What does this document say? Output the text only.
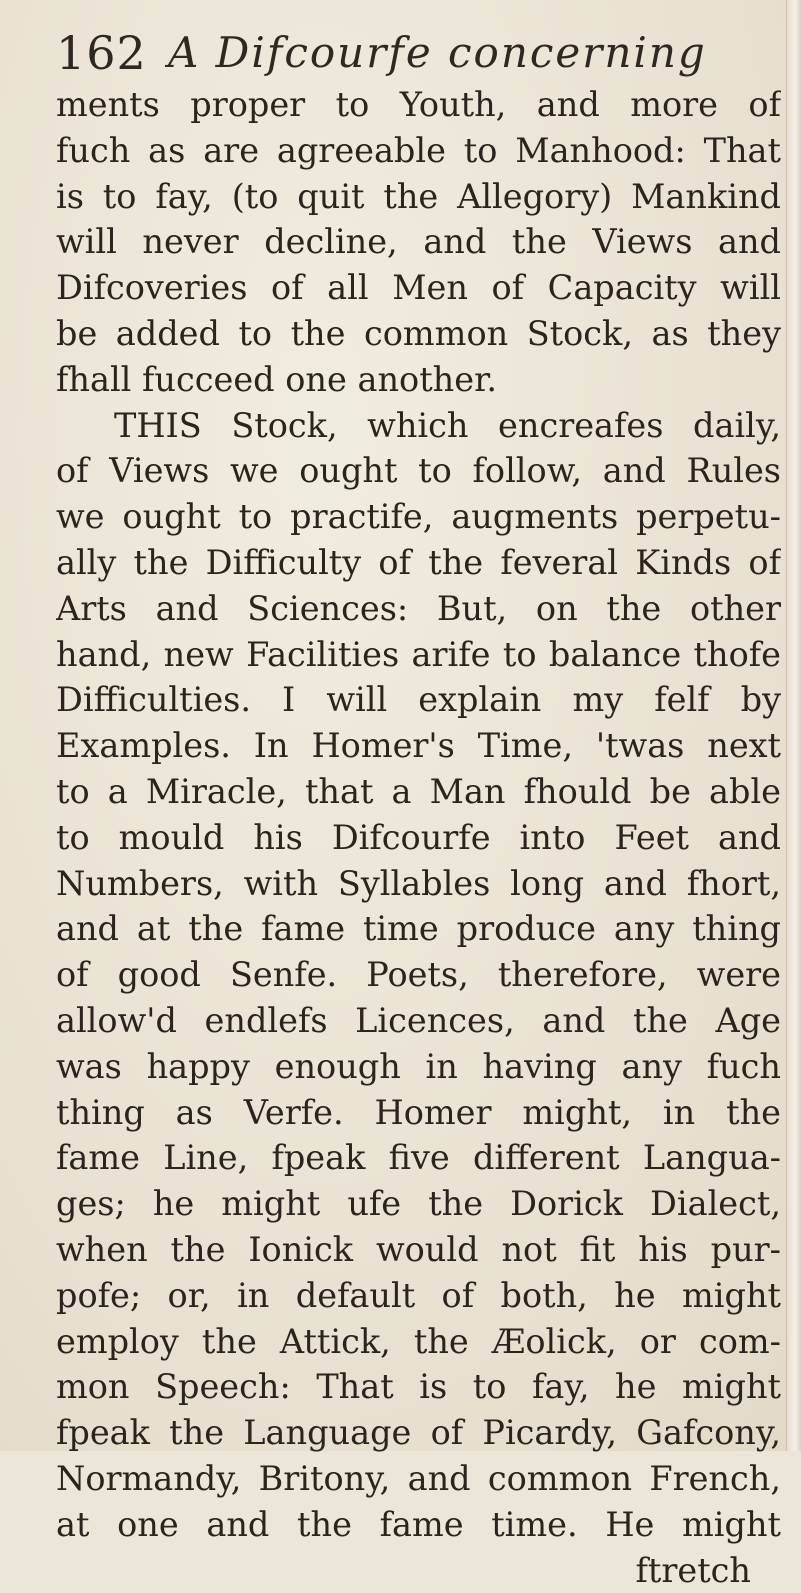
162 A Difcourfe concerning
ments proper to Youth, and more of
fuch as are agreeable to Manhood: That
is to fay, (to quit the Allegory) Mankind
will never decline, and the Views and
Difcoveries of all Men of Capacity will
be added to the common Stock, as they
fhall fucceed one another.
THIS Stock, which encreafes daily,
of Views we ought to follow, and Rules
we ought to practife, augments perpetu-
ally the Difficulty of the feveral Kinds of
Arts and Sciences: But, on the other
hand, new Facilities arife to balance thofe
Difficulties. I will explain my felf by
Examples. In Homer's Time, 'twas next
to a Miracle, that a Man fhould be able
to mould his Difcourfe into Feet and
Numbers, with Syllables long and fhort,
and at the fame time produce any thing
of good Senfe. Poets, therefore, were
allow'd endlefs Licences, and the Age
was happy enough in having any fuch
thing as Verfe. Homer might, in the
fame Line, fpeak five different Langua-
ges; he might ufe the Dorick Dialect,
when the Ionick would not fit his pur-
pofe; or, in default of both, he might
employ the Attick, the Æolick, or com-
mon Speech: That is to fay, he might
fpeak the Language of Picardy, Gafcony,
Normandy, Britony, and common French,
at one and the fame time. He might
ftretch
